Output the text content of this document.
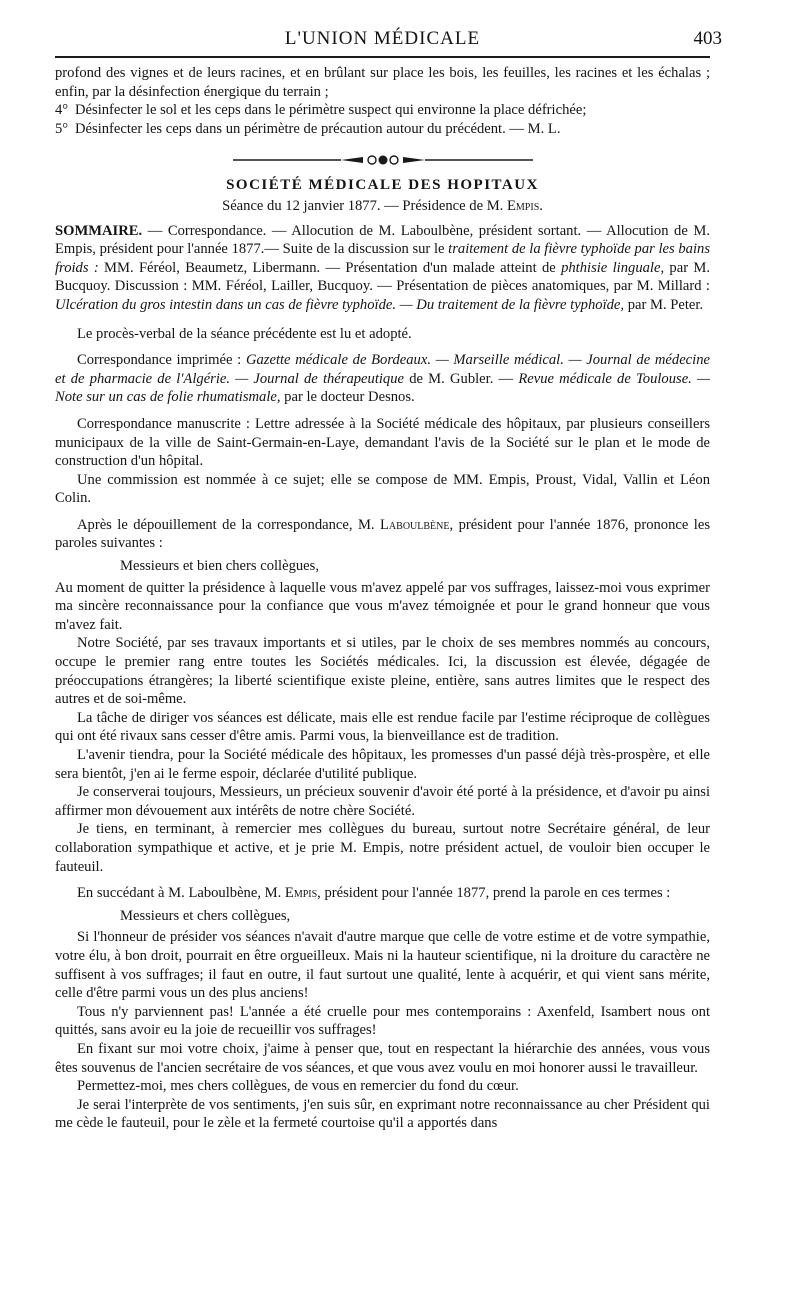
L'UNION MÉDICALE	403

profond des vignes et de leurs racines, et en brûlant sur place les bois, les feuilles, les racines et les échalas ; enfin, par la désinfection énergique du terrain ;

4° Désinfecter le sol et les ceps dans le périmètre suspect qui environne la place défrichée;

5° Désinfecter les ceps dans un périmètre de précaution autour du précédent. — M. L.

SOCIÉTÉ MÉDICALE DES HOPITAUX
Séance du 12 janvier 1877. — Présidence de M. Empis.

SOMMAIRE. — Correspondance. — Allocution de M. Laboulbène, président sortant. — Allocution de M. Empis, président pour l'année 1877.— Suite de la discussion sur le traitement de la fièvre typhoïde par les bains froids : MM. Féréol, Beaumetz, Libermann. — Présentation d'un malade atteint de phthisie linguale, par M. Bucquoy. Discussion : MM. Féréol, Lailler, Bucquoy. — Présentation de pièces anatomiques, par M. Millard : Ulcération du gros intestin dans un cas de fièvre typhoïde. — Du traitement de la fièvre typhoïde, par M. Peter.

Le procès-verbal de la séance précédente est lu et adopté.

Correspondance imprimée : Gazette médicale de Bordeaux. — Marseille médical. — Journal de médecine et de pharmacie de l'Algérie. — Journal de thérapeutique de M. Gubler. — Revue médicale de Toulouse. — Note sur un cas de folie rhumatismale, par le docteur Desnos.

Correspondance manuscrite : Lettre adressée à la Société médicale des hôpitaux, par plusieurs conseillers municipaux de la ville de Saint-Germain-en-Laye, demandant l'avis de la Société sur le plan et le mode de construction d'un hôpital.

Une commission est nommée à ce sujet; elle se compose de MM. Empis, Proust, Vidal, Vallin et Léon Colin.

Après le dépouillement de la correspondance, M. Laboulbène, président pour l'année 1876, prononce les paroles suivantes :

Messieurs et bien chers collègues,

Au moment de quitter la présidence à laquelle vous m'avez appelé par vos suffrages, laissez-moi vous exprimer ma sincère reconnaissance pour la confiance que vous m'avez témoignée et pour le grand honneur que vous m'avez fait.

Notre Société, par ses travaux importants et si utiles, par le choix de ses membres nommés au concours, occupe le premier rang entre toutes les Sociétés médicales. Ici, la discussion est élevée, dégagée de préoccupations étrangères; la liberté scientifique existe pleine, entière, sans autres limites que le respect des autres et de soi-même.

La tâche de diriger vos séances est délicate, mais elle est rendue facile par l'estime réciproque de collègues qui ont été rivaux sans cesser d'être amis. Parmi vous, la bienveillance est de tradition.

L'avenir tiendra, pour la Société médicale des hôpitaux, les promesses d'un passé déjà très-prospère, et elle sera bientôt, j'en ai le ferme espoir, déclarée d'utilité publique.

Je conserverai toujours, Messieurs, un précieux souvenir d'avoir été porté à la présidence, et d'avoir pu ainsi affirmer mon dévouement aux intérêts de notre chère Société.

Je tiens, en terminant, à remercier mes collègues du bureau, surtout notre Secrétaire général, de leur collaboration sympathique et active, et je prie M. Empis, notre président actuel, de vouloir bien occuper le fauteuil.

En succédant à M. Laboulbène, M. Empis, président pour l'année 1877, prend la parole en ces termes :

Messieurs et chers collègues,

Si l'honneur de présider vos séances n'avait d'autre marque que celle de votre estime et de votre sympathie, votre élu, à bon droit, pourrait en être orgueilleux. Mais ni la hauteur scientifique, ni la droiture du caractère ne suffisent à vos suffrages; il faut en outre, il faut surtout une qualité, lente à acquérir, et qui vient sans mérite, celle d'être parmi vous un des plus anciens!

Tous n'y parviennent pas! L'année a été cruelle pour mes contemporains : Axenfeld, Isambert nous ont quittés, sans avoir eu la joie de recueillir vos suffrages!

En fixant sur moi votre choix, j'aime à penser que, tout en respectant la hiérarchie des années, vous vous êtes souvenus de l'ancien secrétaire de vos séances, et que vous avez voulu en moi honorer aussi le travailleur.

Permettez-moi, mes chers collègues, de vous en remercier du fond du cœur.

Je serai l'interprète de vos sentiments, j'en suis sûr, en exprimant notre reconnaissance au cher Président qui me cède le fauteuil, pour le zèle et la fermeté courtoise qu'il a apportés dans
